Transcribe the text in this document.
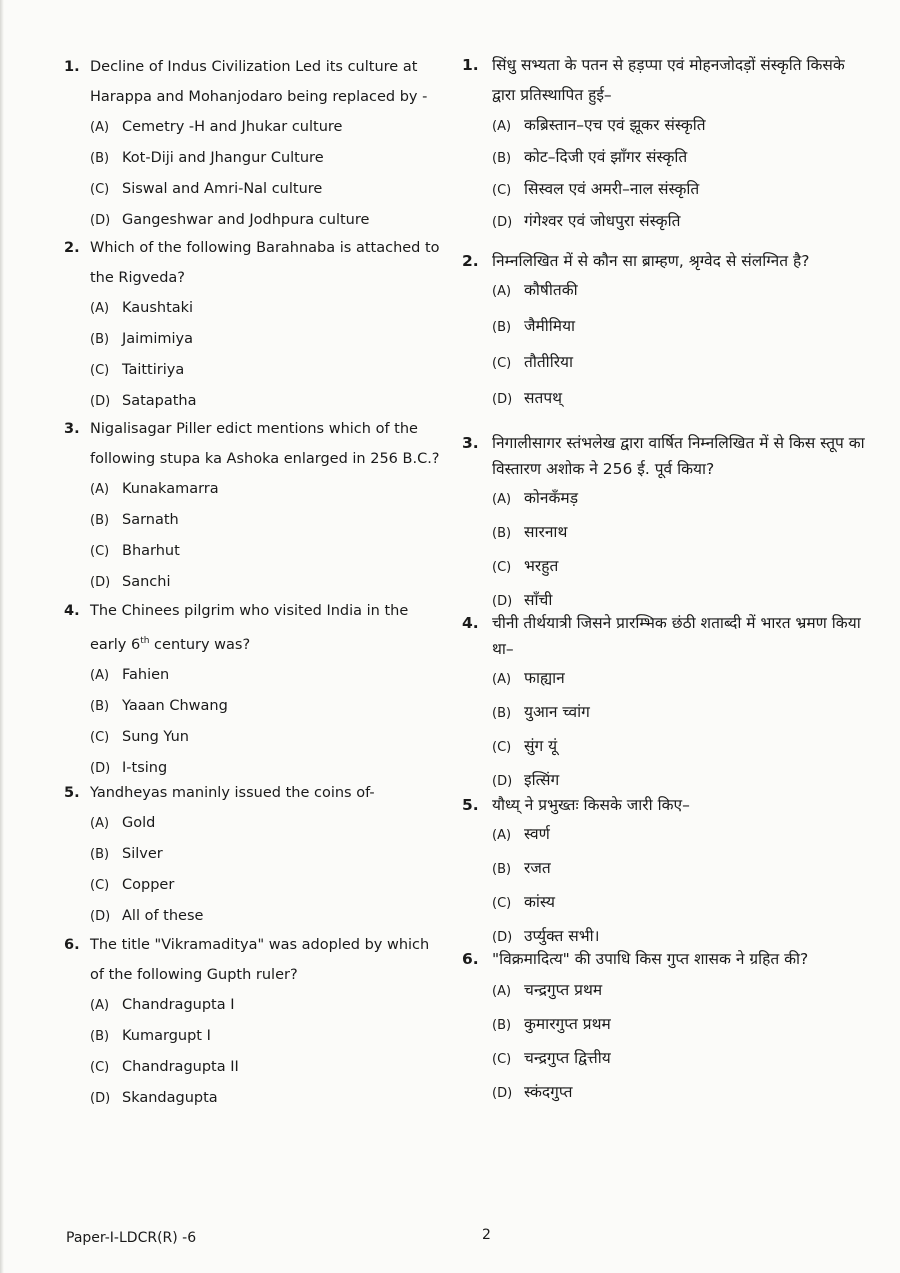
1. Decline of Indus Civilization Led its culture at Harappa and Mohanjodaro being replaced by -
(A) Cemetry -H and Jhukar culture
(B) Kot-Diji and Jhangur Culture
(C) Siswal and Amri-Nal culture
(D) Gangeshwar and Jodhpura culture
2. Which of the following Barahnaba is attached to the Rigveda?
(A) Kaushtaki
(B) Jaimimiya
(C) Taittiriya
(D) Satapatha
3. Nigalisagar Piller edict mentions which of the following stupa ka Ashoka enlarged in 256 B.C.?
(A) Kunakamarra
(B) Sarnath
(C) Bharhut
(D) Sanchi
4. The Chinees pilgrim who visited India in the early 6th century was?
(A) Fahien
(B) Yaaan Chwang
(C) Sung Yun
(D) I-tsing
5. Yandheyas maninly issued the coins of-
(A) Gold
(B) Silver
(C) Copper
(D) All of these
6. The title "Vikramaditya" was adopled by which of the following Gupth ruler?
(A) Chandragupta I
(B) Kumargupt I
(C) Chandragupta II
(D) Skandagupta
1. सिंधु सभ्यता के पतन से हड़प्पा एवं मोहनजोदड़ों संस्कृति किसके द्वारा प्रतिस्थापित हुई–
(A) कब्रिस्तान–एच एवं झूकर संस्कृति
(B) कोट–दिजी एवं झाँगर संस्कृति
(C) सिस्वल एवं अमरी–नाल संस्कृति
(D) गंगेश्वर एवं जोधपुरा संस्कृति
2. निम्नलिखित में से कौन सा ब्राम्हण, श्रृग्वेद से संलग्नित है?
(A) कौषीतकी
(B) जैमीमिया
(C) तौतीरिया
(D) सतपथ्
3. निगालीसागर स्तंभलेख द्वारा वार्षित निम्नलिखित में से किस स्तूप का विस्तारण अशोक ने 256 ई. पूर्व किया?
(A) कोनकँमड़
(B) सारनाथ
(C) भरहुत
(D) साँची
4. चीनी तीर्थयात्री जिसने प्रारम्भिक छंठी शताब्दी में भारत भ्रमण किया था–
(A) फाह्यान
(B) युआन च्वांग
(C) सुंग यूं
(D) इत्सिंग
5. यौध्य् ने प्रभुख्तः किसके जारी किए–
(A) स्वर्ण
(B) रजत
(C) कांस्य
(D) उर्प्युक्त सभी।
6. "विक्रमादित्य" की उपाधि किस गुप्त शासक ने ग्रहित की?
(A) चन्द्रगुप्त प्रथम
(B) कुमारगुप्त प्रथम
(C) चन्द्रगुप्त द्वित्तीय
(D) स्कंदगुप्त
Paper-I-LDCR(R) -6	2
